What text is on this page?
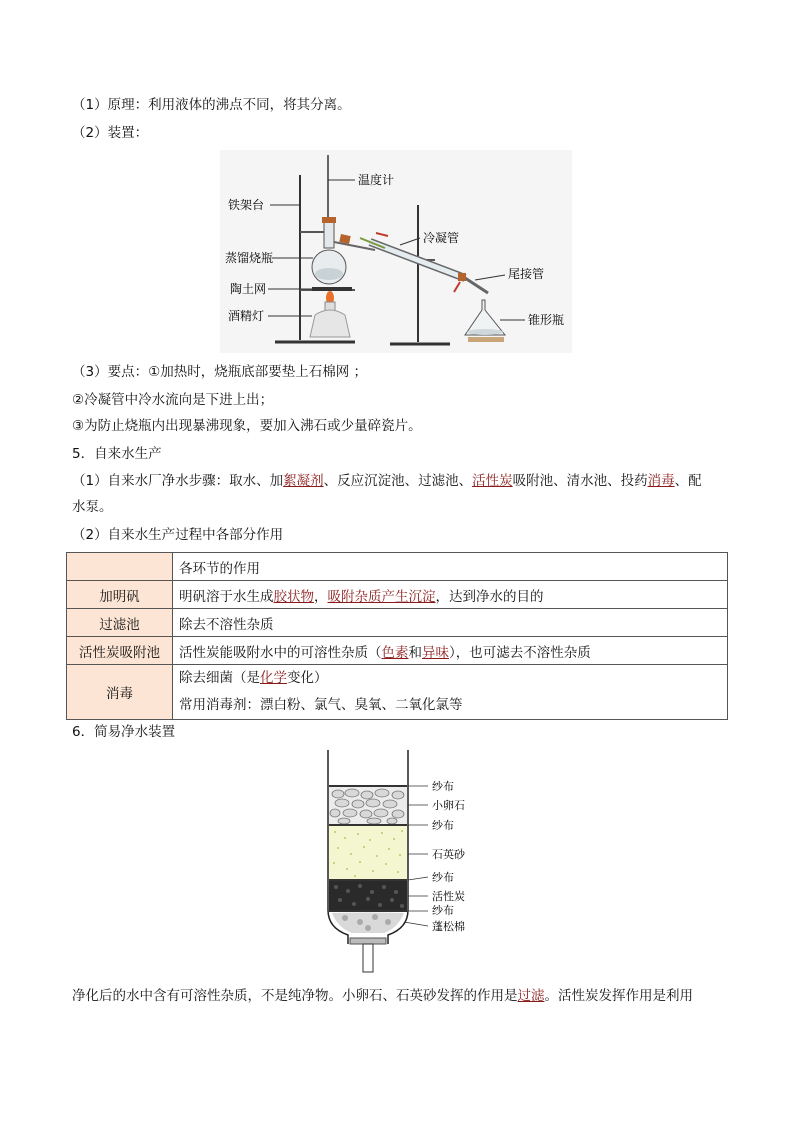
（1）原理：利用液体的沸点不同，将其分离。
（2）装置：
铁架台
温度计
蒸馏烧瓶
陶土网
酒精灯
冷凝管
尾接管
锥形瓶
（3）要点：①加热时，烧瓶底部要垫上石棉网 ；
②冷凝管中冷水流向是下进上出；
③为防止烧瓶内出现暴沸现象，要加入沸石或少量碎瓷片。
5．自来水生产
（1）自来水厂净水步骤：取水、加絮凝剂、反应沉淀池、过滤池、活性炭吸附池、清水池、投药消毒、配
水泵。
（2）自来水生产过程中各部分作用
	各环节的作用
加明矾	明矾溶于水生成胶状物，吸附杂质产生沉淀，达到净水的目的
过滤池	除去不溶性杂质
活性炭吸附池	活性炭能吸附水中的可溶性杂质（色素和异味），也可滤去不溶性杂质
消毒	除去细菌（是化学变化）
常用消毒剂：漂白粉、氯气、臭氧、二氧化氯等
6．简易净水装置
纱布
小卵石
纱布
石英砂
纱布
活性炭
纱布
蓬松棉
净化后的水中含有可溶性杂质，不是纯净物。小卵石、石英砂发挥的作用是过滤。活性炭发挥作用是利用
